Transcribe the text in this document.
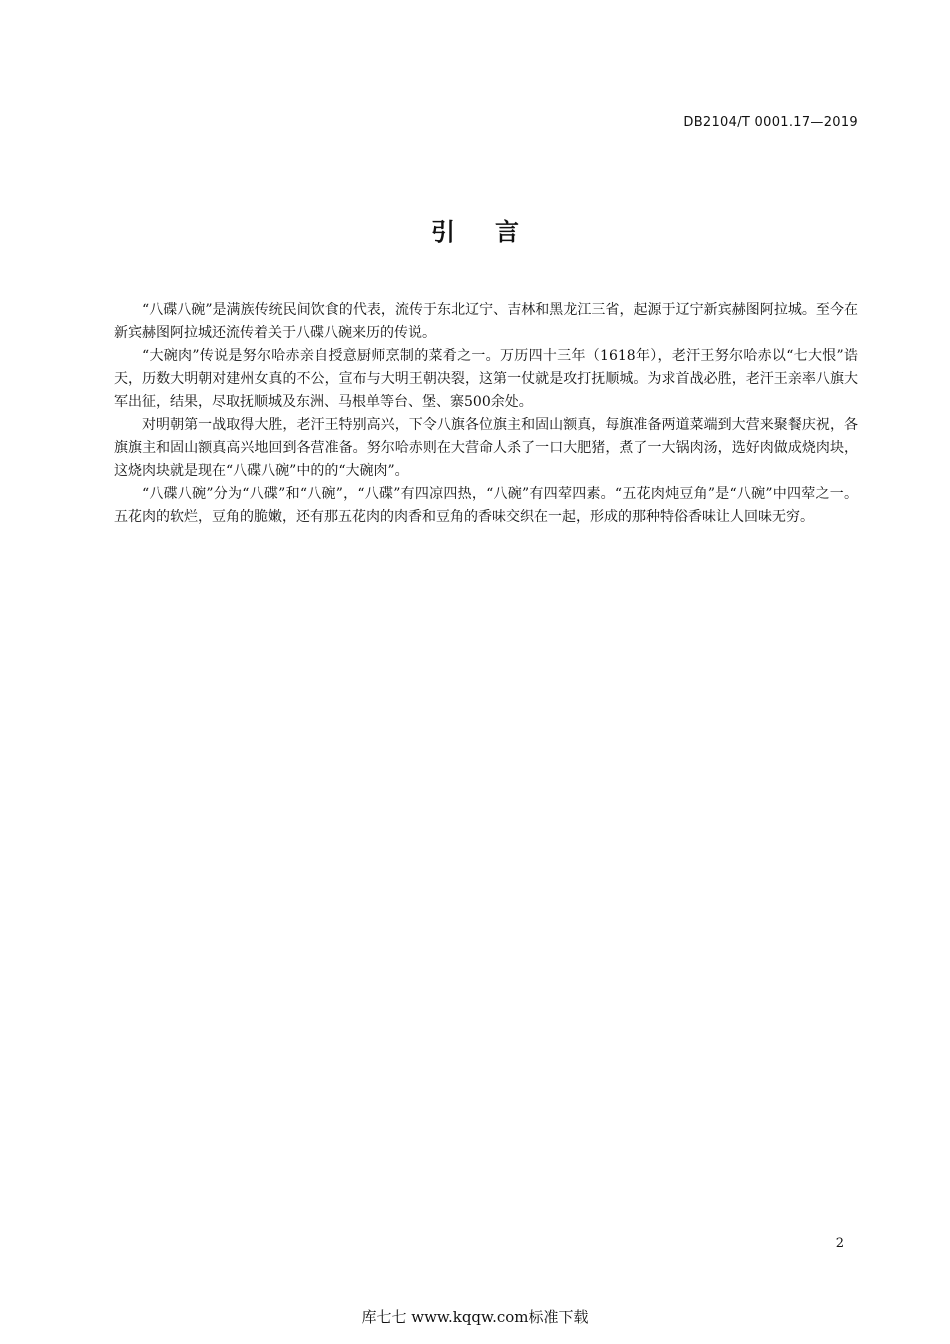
DB2104/T 0001.17—2019
引言

“八碟八碗”是满族传统民间饮食的代表，流传于东北辽宁、吉林和黑龙江三省，起源于辽宁新宾赫图阿拉城。至今在新宾赫图阿拉城还流传着关于八碟八碗来历的传说。

“大碗肉”传说是努尔哈赤亲自授意厨师烹制的菜肴之一。万历四十三年（1618年），老汗王努尔哈赤以“七大恨”诰天，历数大明朝对建州女真的不公，宣布与大明王朝决裂，这第一仗就是攻打抚顺城。为求首战必胜，老汗王亲率八旗大军出征，结果，尽取抚顺城及东洲、马根单等台、堡、寨500余处。

对明朝第一战取得大胜，老汗王特别高兴，下令八旗各位旗主和固山额真，每旗准备两道菜端到大营来聚餐庆祝，各旗旗主和固山额真高兴地回到各营准备。努尔哈赤则在大营命人杀了一口大肥猪，煮了一大锅肉汤，选好肉做成烧肉块，这烧肉块就是现在“八碟八碗”中的的“大碗肉”。

“八碟八碗”分为“八碟”和“八碗”，“八碟”有四凉四热，“八碗”有四荤四素。“五花肉炖豆角”是“八碗”中四荤之一。五花肉的软烂，豆角的脆嫩，还有那五花肉的肉香和豆角的香味交织在一起，形成的那种特俗香味让人回味无穷。

2
库七七 www.kqqw.com标准下载
